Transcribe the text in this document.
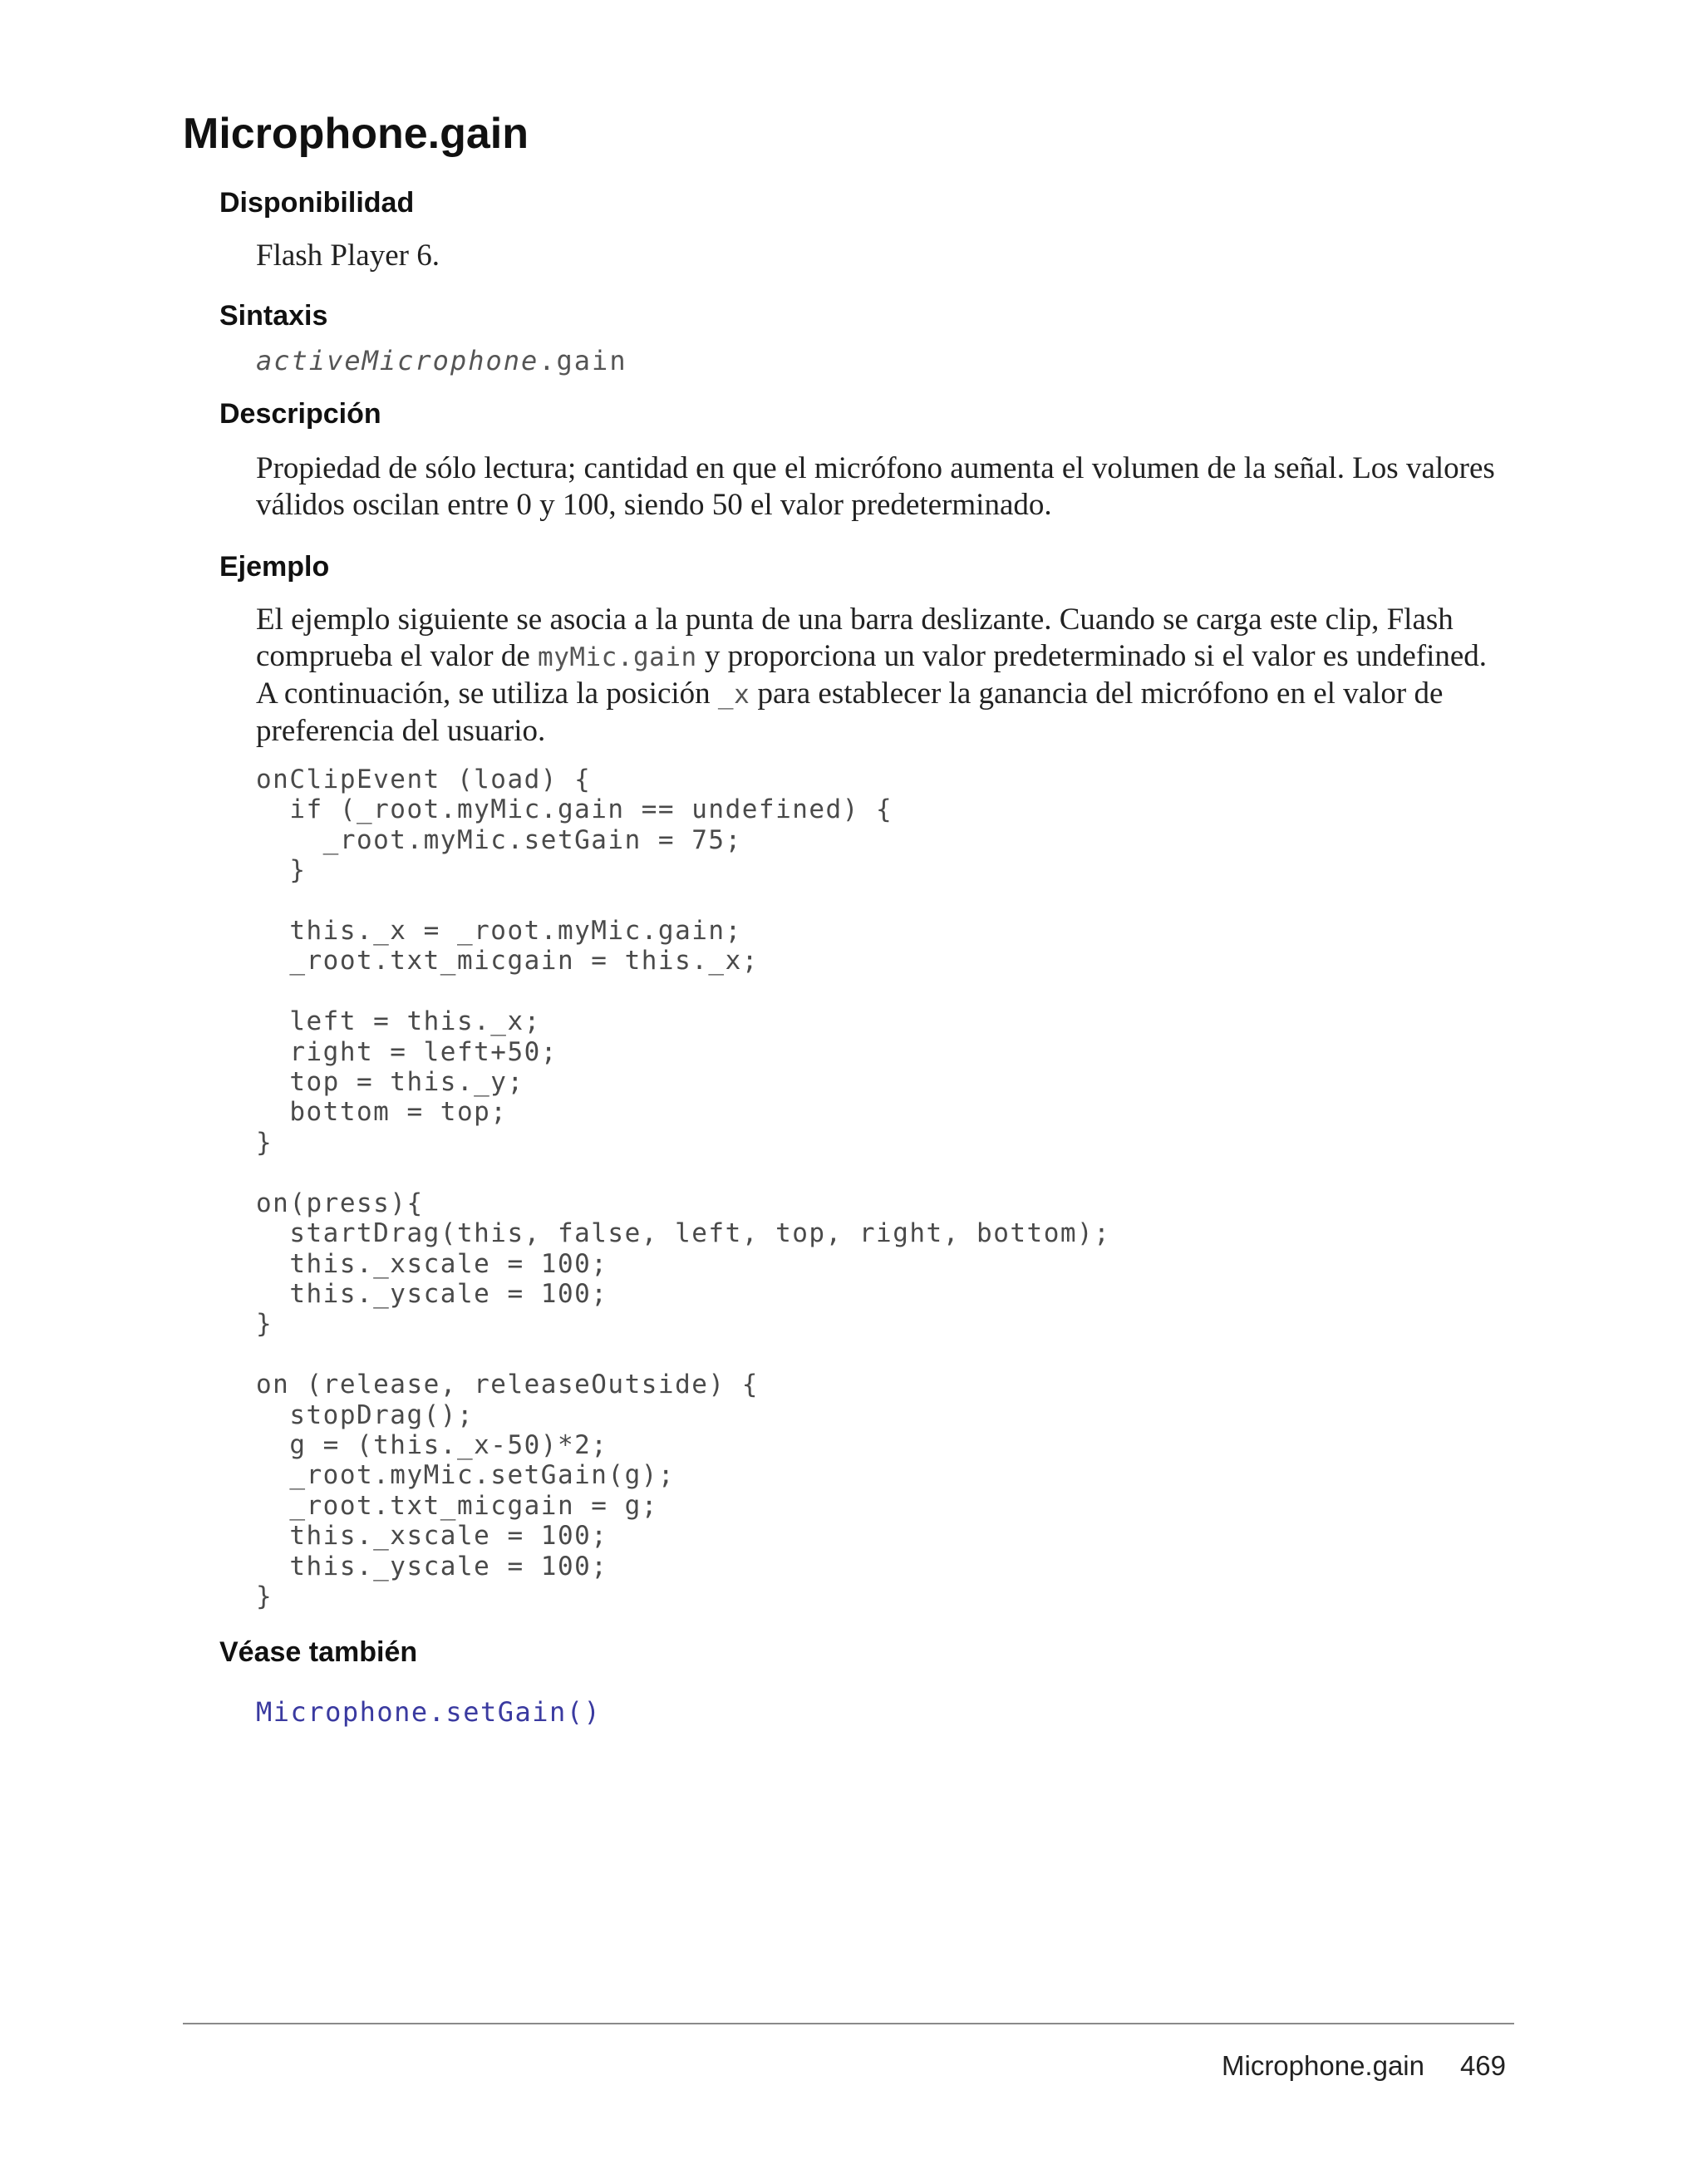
Microphone.gain
Disponibilidad

Flash Player 6.

Sintaxis
activeMicrophone.gain
Descripción

Propiedad de sólo lectura; cantidad en que el micrófono aumenta el volumen de la señal. Los valores válidos oscilan entre 0 y 100, siendo 50 el valor predeterminado.

Ejemplo

El ejemplo siguiente se asocia a la punta de una barra deslizante. Cuando se carga este clip, Flash comprueba el valor de myMic.gain y proporciona un valor predeterminado si el valor es undefined. A continuación, se utiliza la posición _x para establecer la ganancia del micrófono en el valor de preferencia del usuario.

onClipEvent (load) {
if (_root.myMic.gain == undefined) {
_root.myMic.setGain = 75;
}

this._x = _root.myMic.gain;
_root.txt_micgain = this._x;

left = this._x;
right = left+50;
top = this._y;
bottom = top;
}

on(press){
startDrag(this, false, left, top, right, bottom);
this._xscale = 100;
this._yscale = 100;
}

on (release, releaseOutside) {
stopDrag();
g = (this._x-50)*2;
_root.myMic.setGain(g);
_root.txt_micgain = g;
this._xscale = 100;
this._yscale = 100;
}
Véase también
Microphone.setGain()
Microphone.gain 469
